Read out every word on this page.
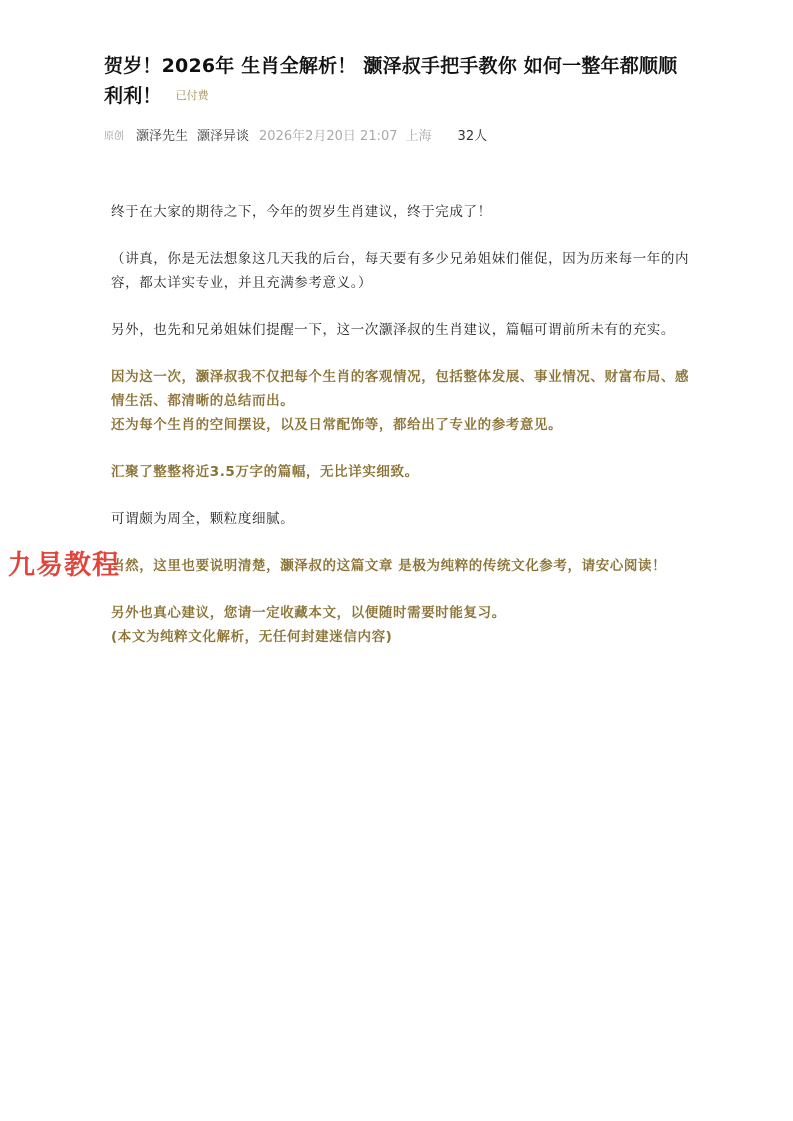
贺岁！2026年 生肖全解析！ 灏泽叔手把手教你 如何一整年都顺顺利利！ 已付费
原创 灏泽先生 灏泽异谈 2026年2月20日 21:07 上海 32人

终于在大家的期待之下，今年的贺岁生肖建议，终于完成了！

（讲真，你是无法想象这几天我的后台，每天要有多少兄弟姐妹们催促，因为历来每一年的内容，都太详实专业，并且充满参考意义。）

另外，也先和兄弟姐妹们提醒一下，这一次灏泽叔的生肖建议，篇幅可谓前所未有的充实。

因为这一次，灏泽叔我不仅把每个生肖的客观情况，包括整体发展、事业情况、财富布局、感情生活、都清晰的总结而出。
还为每个生肖的空间摆设，以及日常配饰等，都给出了专业的参考意见。

汇聚了整整将近3.5万字的篇幅，无比详实细致。

可谓颇为周全，颗粒度细腻。

当然，这里也要说明清楚，灏泽叔的这篇文章 是极为纯粹的传统文化参考，请安心阅读！

另外也真心建议，您请一定收藏本文，以便随时需要时能复习。
(本文为纯粹文化解析，无任何封建迷信内容)

九易教程
